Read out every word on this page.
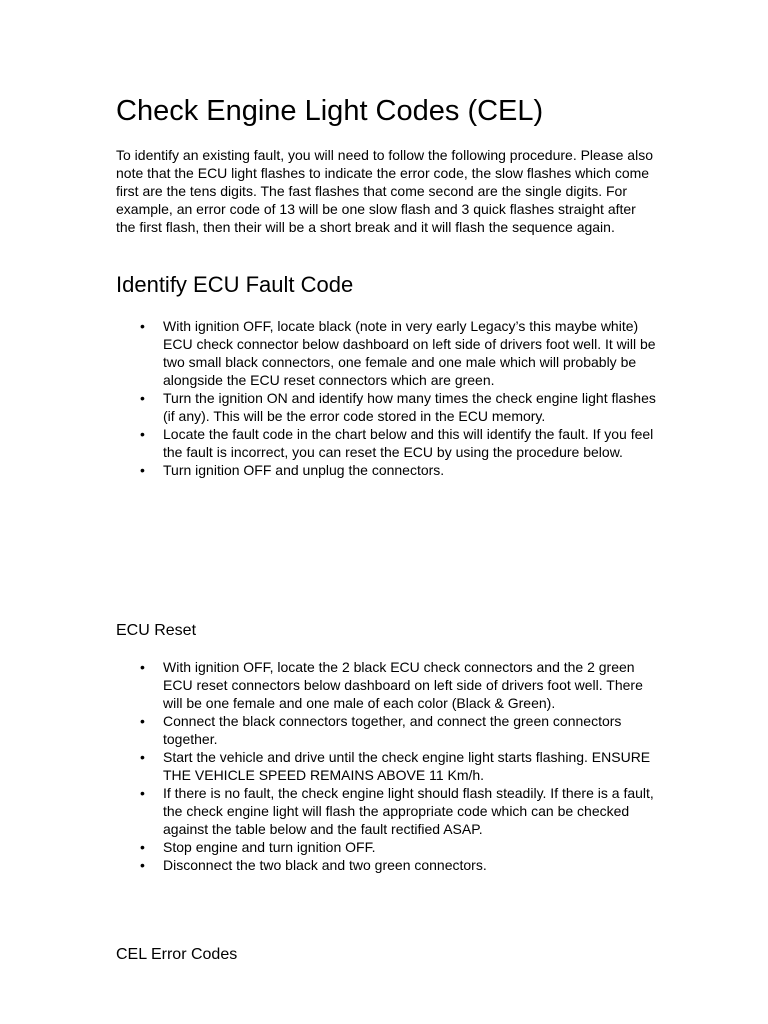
Check Engine Light Codes (CEL)

To identify an existing fault, you will need to follow the following procedure. Please also note that the ECU light flashes to indicate the error code, the slow flashes which come first are the tens digits. The fast flashes that come second are the single digits. For example, an error code of 13 will be one slow flash and 3 quick flashes straight after the first flash, then their will be a short break and it will flash the sequence again.

Identify ECU Fault Code
• With ignition OFF, locate black (note in very early Legacy’s this maybe white) ECU check connector below dashboard on left side of drivers foot well. It will be two small black connectors, one female and one male which will probably be alongside the ECU reset connectors which are green.
• Turn the ignition ON and identify how many times the check engine light flashes (if any). This will be the error code stored in the ECU memory.
• Locate the fault code in the chart below and this will identify the fault. If you feel the fault is incorrect, you can reset the ECU by using the procedure below.
• Turn ignition OFF and unplug the connectors.
ECU Reset
• With ignition OFF, locate the 2 black ECU check connectors and the 2 green ECU reset connectors below dashboard on left side of drivers foot well. There will be one female and one male of each color (Black & Green).
• Connect the black connectors together, and connect the green connectors together.
• Start the vehicle and drive until the check engine light starts flashing. ENSURE THE VEHICLE SPEED REMAINS ABOVE 11 Km/h.
• If there is no fault, the check engine light should flash steadily. If there is a fault, the check engine light will flash the appropriate code which can be checked against the table below and the fault rectified ASAP.
• Stop engine and turn ignition OFF.
• Disconnect the two black and two green connectors.
CEL Error Codes
